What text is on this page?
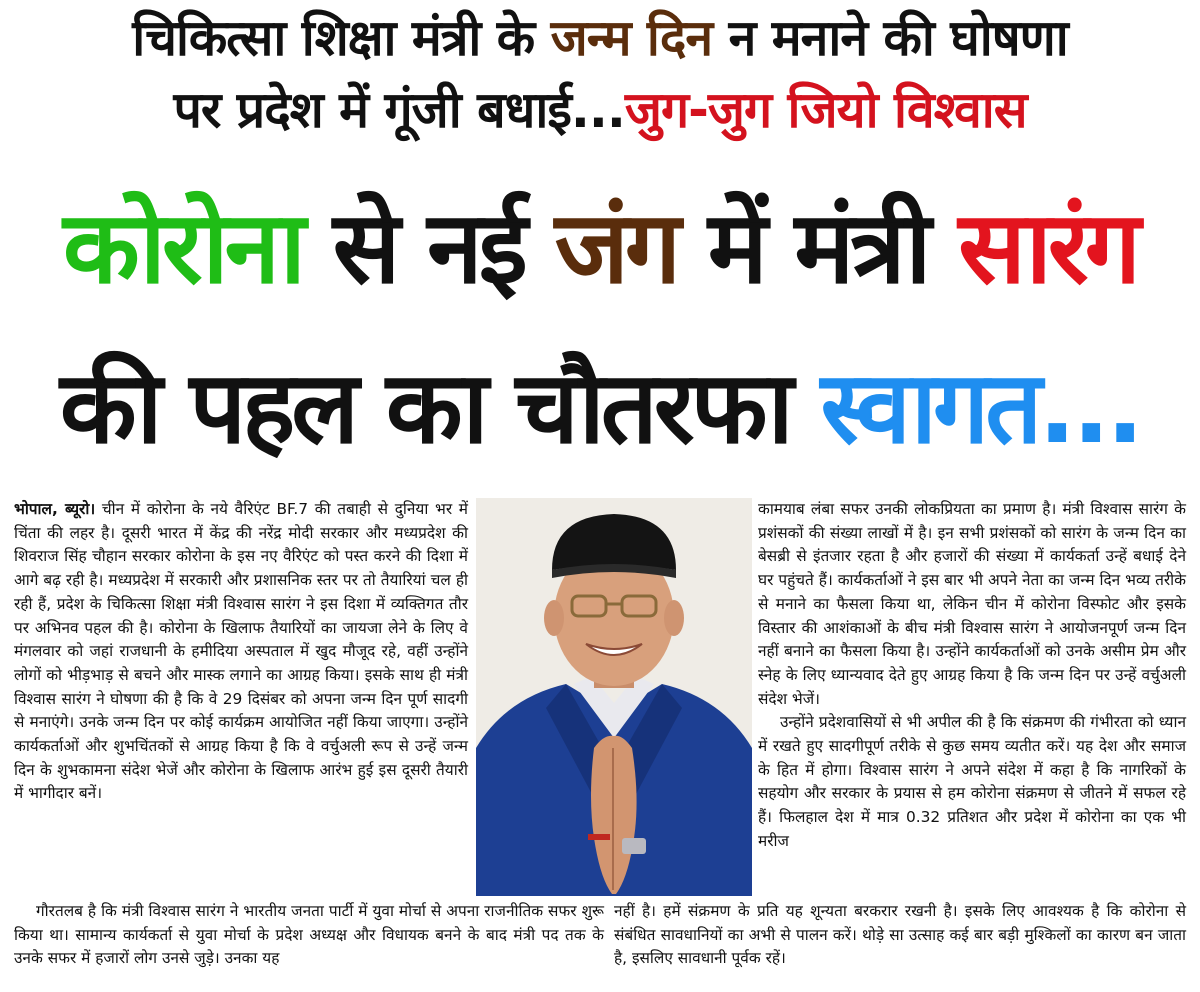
चिकित्सा शिक्षा मंत्री के जन्म दिन न मनाने की घोषणा
पर प्रदेश में गूंजी बधाई...जुग-जुग जियो विश्वास
कोरोना से नई जंग में मंत्री सारंग
की पहल का चौतरफा स्वागत...

भोपाल, ब्यूरो। चीन में कोरोना के नये वैरिएंट BF.7 की तबाही से दुनिया भर में चिंता की लहर है। दूसरी भारत में केंद्र की नरेंद्र मोदी सरकार और मध्यप्रदेश की शिवराज सिंह चौहान सरकार कोरोना के इस नए वैरिएंट को पस्त करने की दिशा में आगे बढ़ रही है। मध्यप्रदेश में सरकारी और प्रशासनिक स्तर पर तो तैयारियां चल ही रही हैं, प्रदेश के चिकित्सा शिक्षा मंत्री विश्वास सारंग ने इस दिशा में व्यक्तिगत तौर पर अभिनव पहल की है। कोरोना के खिलाफ तैयारियों का जायजा लेने के लिए वे मंगलवार को जहां राजधानी के हमीदिया अस्पताल में खुद मौजूद रहे, वहीं उन्होंने लोगों को भीड़भाड़ से बचने और मास्क लगाने का आग्रह किया। इसके साथ ही मंत्री विश्वास सारंग ने घोषणा की है कि वे 29 दिसंबर को अपना जन्म दिन पूर्ण सादगी से मनाएंगे। उनके जन्म दिन पर कोई कार्यक्रम आयोजित नहीं किया जाएगा। उन्होंने कार्यकर्ताओं और शुभचिंतकों से आग्रह किया है कि वे वर्चुअली रूप से उन्हें जन्म दिन के शुभकामना संदेश भेजें और कोरोना के खिलाफ आरंभ हुई इस दूसरी तैयारी में भागीदार बनें।

गौरतलब है कि मंत्री विश्वास सारंग ने भारतीय जनता पार्टी में युवा मोर्चा से अपना राजनीतिक सफर शुरू किया था। सामान्य कार्यकर्ता से युवा मोर्चा के प्रदेश अध्यक्ष और विधायक बनने के बाद मंत्री पद तक के उनके सफर में हजारों लोग उनसे जुड़े। उनका यह

कामयाब लंबा सफर उनकी लोकप्रियता का प्रमाण है। मंत्री विश्वास सारंग के प्रशंसकों की संख्या लाखों में है। इन सभी प्रशंसकों को सारंग के जन्म दिन का बेसब्री से इंतजार रहता है और हजारों की संख्या में कार्यकर्ता उन्हें बधाई देने घर पहुंचते हैं। कार्यकर्ताओं ने इस बार भी अपने नेता का जन्म दिन भव्य तरीके से मनाने का फैसला किया था, लेकिन चीन में कोरोना विस्फोट और इसके विस्तार की आशंकाओं के बीच मंत्री विश्वास सारंग ने आयोजनपूर्ण जन्म दिन नहीं बनाने का फैसला किया है। उन्होंने कार्यकर्ताओं को उनके असीम प्रेम और स्नेह के लिए ध्यान्यवाद देते हुए आग्रह किया है कि जन्म दिन पर उन्हें वर्चुअली संदेश भेजें।

उन्होंने प्रदेशवासियों से भी अपील की है कि संक्रमण की गंभीरता को ध्यान में रखते हुए सादगीपूर्ण तरीके से कुछ समय व्यतीत करें। यह देश और समाज के हित में होगा। विश्वास सारंग ने अपने संदेश में कहा है कि नागरिकों के सहयोग और सरकार के प्रयास से हम कोरोना संक्रमण से जीतने में सफल रहे हैं। फिलहाल देश में मात्र 0.32 प्रतिशत और प्रदेश में कोरोना का एक भी मरीज

नहीं है। हमें संक्रमण के प्रति यह शून्यता बरकरार रखनी है। इसके लिए आवश्यक है कि कोरोना से संबंधित सावधानियों का अभी से पालन करें। थोड़े सा उत्साह कई बार बड़ी मुश्किलों का कारण बन जाता है, इसलिए सावधानी पूर्वक रहें।
